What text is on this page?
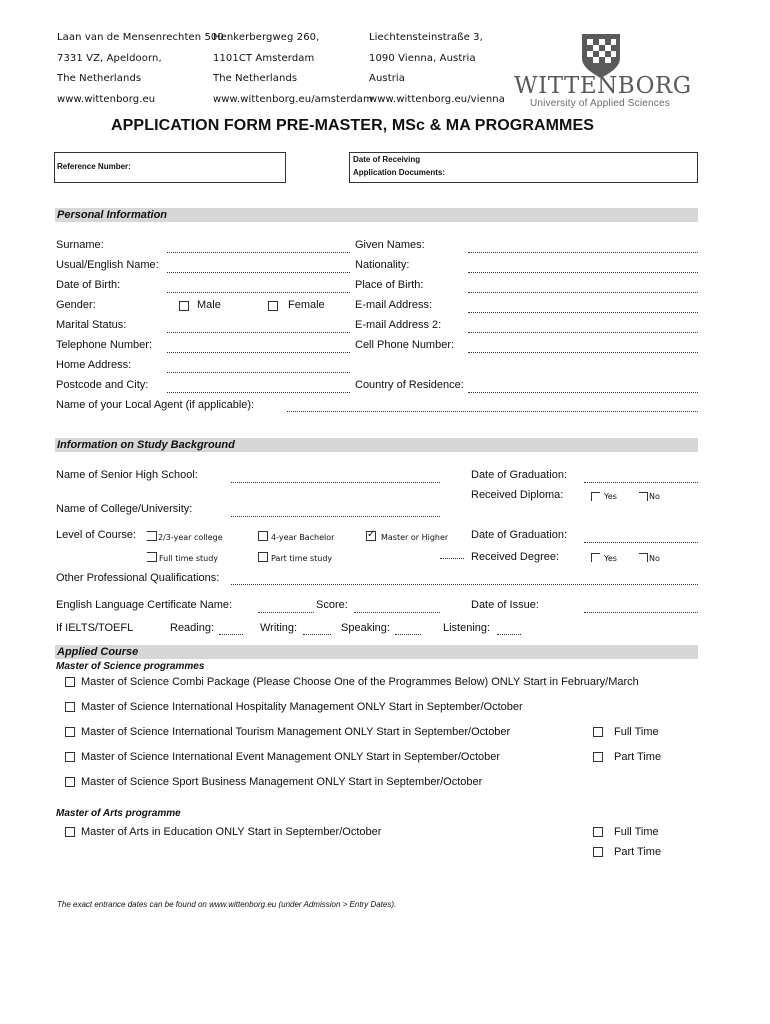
Laan van de Mensenrechten 500
7331 VZ, Apeldoorn,
The Netherlands
www.wittenborg.eu
Henkerbergweg 260,
1101CT Amsterdam
The Netherlands
www.wittenborg.eu/amsterdam
Liechtensteinstraße 3,
1090 Vienna, Austria
Austria
www.wittenborg.eu/vienna
WITTENBORG
University of Applied Sciences
APPLICATION FORM PRE-MASTER, MSc & MA PROGRAMMES
Reference Number:
Date of Receiving
Application Documents:
Personal Information
Surname:	Given Names:
Usual/English Name:	Nationality:
Date of Birth:	Place of Birth:
Gender:	Male	Female	E-mail Address:
Marital Status:	E-mail Address 2:
Telephone Number:	Cell Phone Number:
Home Address:
Postcode and City:	Country of Residence:
Name of your Local Agent (if applicable):
Information on Study Background
Name of Senior High School:	Date of Graduation:
Received Diploma:	Yes	No
Name of College/University:
Level of Course:	2/3-year college	4-year Bachelor	✓ Master or Higher Date of Graduation:
Full time study	Part time study	Received Degree:	Yes	No
Other Professional Qualifications:
English Language Certificate Name:	Score:	Date of Issue:
If IELTS/TOEFL	Reading:	Writing:	Speaking:	Listening:
Applied Course
Master of Science programmes
Master of Science Combi Package (Please Choose One of the Programmes Below) ONLY Start in February/March
Master of Science International Hospitality Management ONLY Start in September/October
Master of Science International Tourism Management ONLY Start in September/October	Full Time
Master of Science International Event Management ONLY Start in September/October	Part Time
Master of Science Sport Business Management ONLY Start in September/October
Master of Arts programme
Master of Arts in Education ONLY Start in September/October	Full Time
Part Time
The exact entrance dates can be found on www.wittenborg.eu (under Admission > Entry Dates).
